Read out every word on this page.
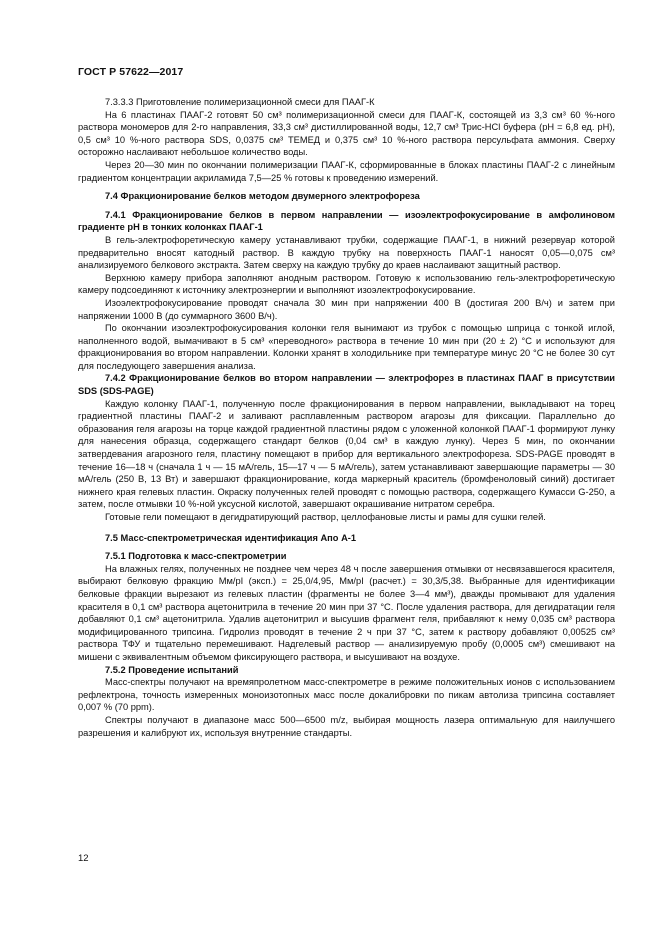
ГОСТ Р 57622—2017

7.3.3.3 Приготовление полимеризационной смеси для ПААГ-К

На 6 пластинах ПААГ-2 готовят 50 см³ полимеризационной смеси для ПААГ-К, состоящей из 3,3 см³ 60 %-ного раствора мономеров для 2-го направления, 33,3 см³ дистиллированной воды, 12,7 см³ Трис-HCl буфера (pH = 6,8 ед. pH), 0,5 см³ 10 %-ного раствора SDS, 0,0375 см³ ТЕМЕД и 0,375 см³ 10 %-ного раствора персульфата аммония. Сверху осторожно наслаивают небольшое количество воды.

Через 20—30 мин по окончании полимеризации ПААГ-К, сформированные в блоках пластины ПААГ-2 с линейным градиентом концентрации акриламида 7,5—25 % готовы к проведению измерений.

7.4 Фракционирование белков методом двумерного электрофореза

7.4.1 Фракционирование белков в первом направлении — изоэлектрофокусирование в амфолиновом градиенте pH в тонких колонках ПААГ-1

В гель-электрофоретическую камеру устанавливают трубки, содержащие ПААГ-1, в нижний резервуар которой предварительно вносят катодный раствор. В каждую трубку на поверхность ПААГ-1 наносят 0,05—0,075 см³ анализируемого белкового экстракта. Затем сверху на каждую трубку до краев наслаивают защитный раствор.

Верхнюю камеру прибора заполняют анодным раствором. Готовую к использованию гель-электрофоретическую камеру подсоединяют к источнику электроэнергии и выполняют изоэлектрофокусирование.

Изоэлектрофокусирование проводят сначала 30 мин при напряжении 400 В (достигая 200 В/ч) и затем при напряжении 1000 В (до суммарного 3600 В/ч).

По окончании изоэлектрофокусирования колонки геля вынимают из трубок с помощью шприца с тонкой иглой, наполненного водой, вымачивают в 5 см³ «переводного» раствора в течение 10 мин при (20 ± 2) °C и используют для фракционирования во втором направлении. Колонки хранят в холодильнике при температуре минус 20 °C не более 30 сут для последующего завершения анализа.

7.4.2 Фракционирование белков во втором направлении — электрофорез в пластинах ПААГ в присутствии SDS (SDS-PAGE)

Каждую колонку ПААГ-1, полученную после фракционирования в первом направлении, выкладывают на торец градиентной пластины ПААГ-2 и заливают расплавленным раствором агарозы для фиксации. Параллельно до образования геля агарозы на торце каждой градиентной пластины рядом с уложенной колонкой ПААГ-1 формируют лунку для нанесения образца, содержащего стандарт белков (0,04 см³ в каждую лунку). Через 5 мин, по окончании затвердевания агарозного геля, пластину помещают в прибор для вертикального электрофореза. SDS-PAGE проводят в течение 16—18 ч (сначала 1 ч — 15 мА/гель, 15—17 ч — 5 мА/гель), затем устанавливают завершающие параметры — 30 мА/гель (250 В, 13 Вт) и завершают фракционирование, когда маркерный краситель (бромфеноловый синий) достигает нижнего края гелевых пластин. Окраску полученных гелей проводят с помощью раствора, содержащего Кумасси G-250, а затем, после отмывки 10 %-ной уксусной кислотой, завершают окрашивание нитратом серебра.

Готовые гели помещают в дегидратирующий раствор, целлофановые листы и рамы для сушки гелей.

7.5 Масс-спектрометрическая идентификация Апо А-1

7.5.1 Подготовка к масс-спектрометрии

На влажных гелях, полученных не позднее чем через 48 ч после завершения отмывки от несвязавшегося красителя, выбирают белковую фракцию Мм/pI (эксп.) = 25,0/4,95, Мм/pI (расчет.) = 30,3/5,38. Выбранные для идентификации белковые фракции вырезают из гелевых пластин (фрагменты не более 3—4 мм³), дважды промывают для удаления красителя в 0,1 см³ раствора ацетонитрила в течение 20 мин при 37 °C. После удаления раствора, для дегидратации геля добавляют 0,1 см³ ацетонитрила. Удалив ацетонитрил и высушив фрагмент геля, прибавляют к нему 0,035 см³ раствора модифицированного трипсина. Гидролиз проводят в течение 2 ч при 37 °C, затем к раствору добавляют 0,00525 см³ раствора ТФУ и тщательно перемешивают. Надгелевый раствор — анализируемую пробу (0,0005 см³) смешивают на мишени с эквивалентным объемом фиксирующего раствора, и высушивают на воздухе.

7.5.2 Проведение испытаний

Масс-спектры получают на времяпролетном масс-спектрометре в режиме положительных ионов с использованием рефлектрона, точность измеренных моноизотопных масс после докалибровки по пикам автолиза трипсина составляет 0,007 % (70 ppm).

Спектры получают в диапазоне масс 500—6500 m/z, выбирая мощность лазера оптимальную для наилучшего разрешения и калибруют их, используя внутренние стандарты.

12
